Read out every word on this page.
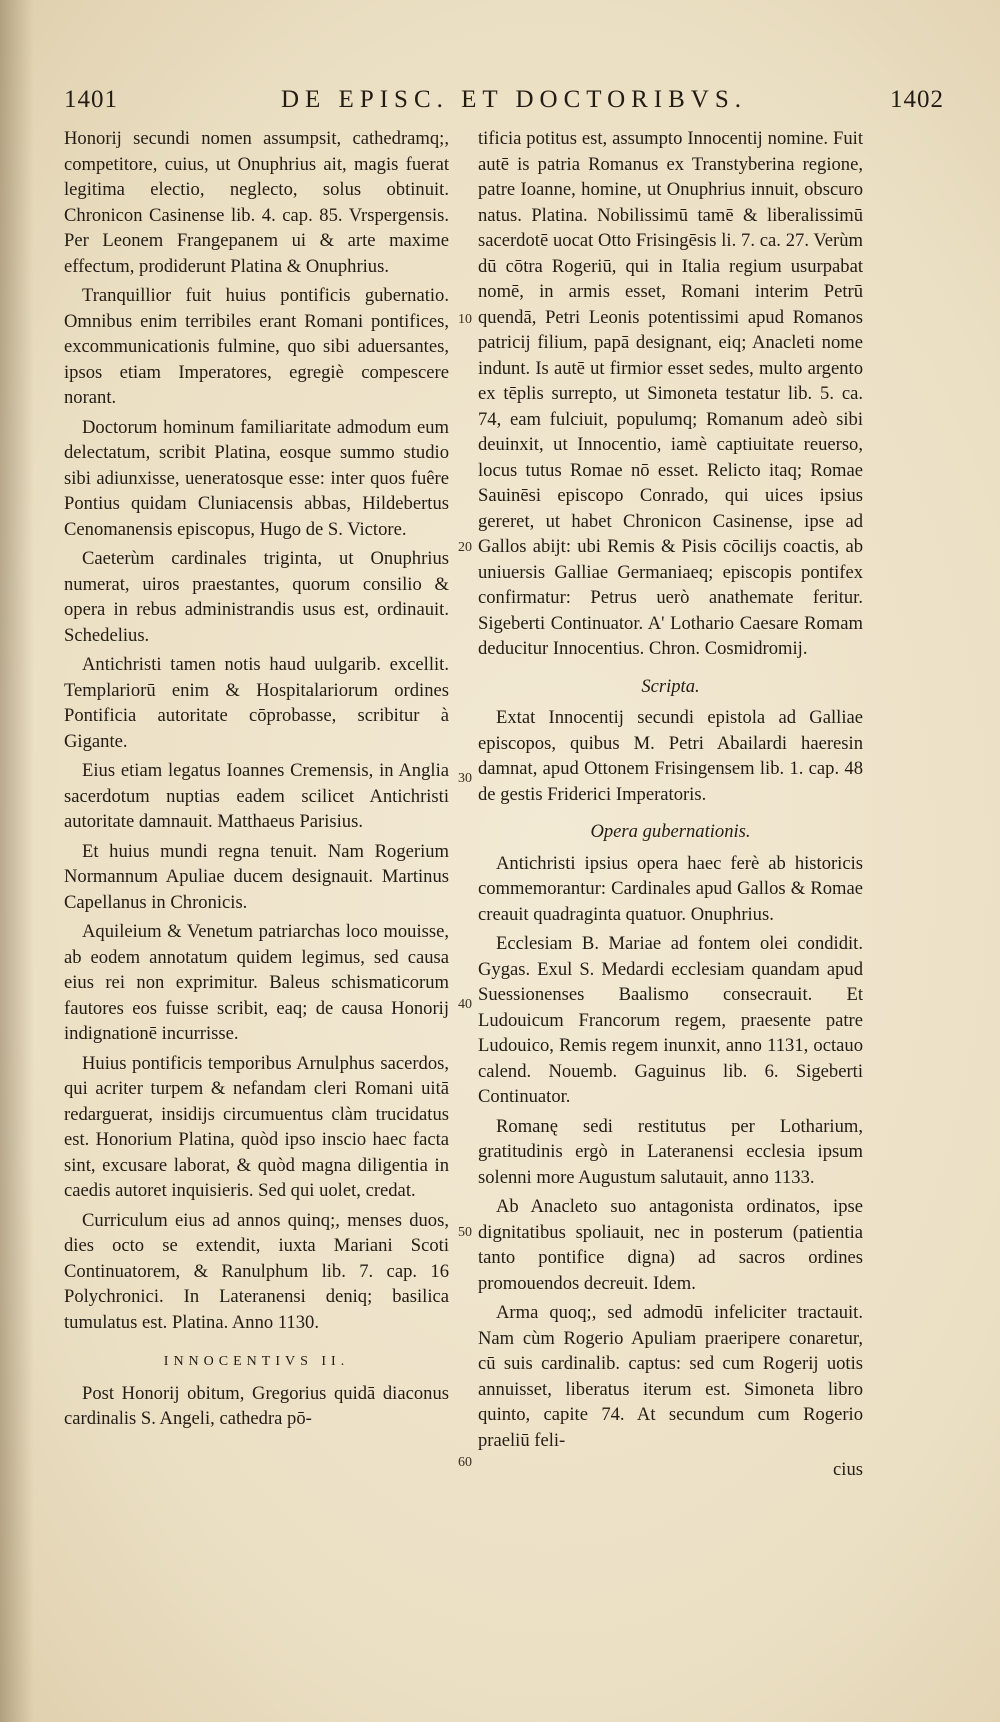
1401	DE EPISC. ET DOCTORIBVS.	1402

Honorij secundi nomen assumpsit, cathedramq;, competitore, cuius, ut Onuphrius ait, magis fuerat legitima electio, neglecto, solus obtinuit. Chronicon Casinense lib. 4. cap. 85. Vrspergensis. Per Leonem Frangepanem ui & arte maxime effectum, prodiderunt Platina & Onuphrius.

Tranquillior fuit huius pontificis gubernatio. Omnibus enim terribiles erant Romani pontifices, excommunicationis fulmine, quo sibi aduersantes, ipsos etiam Imperatores, egregiè compescere norant.

Doctorum hominum familiaritate admodum eum delectatum, scribit Platina, eosque summo studio sibi adiunxisse, ueneratosque esse: inter quos fuêre Pontius quidam Cluniacensis abbas, Hildebertus Cenomanensis episcopus, Hugo de S. Victore.

Caeterùm cardinales triginta, ut Onuphrius numerat, uiros praestantes, quorum consilio & opera in rebus administrandis usus est, ordinauit. Schedelius.

Antichristi tamen notis haud uulgarib. excellit. Templariorū enim & Hospitalariorum ordines Pontificia autoritate cōprobasse, scribitur à Gigante.

Eius etiam legatus Ioannes Cremensis, in Anglia sacerdotum nuptias eadem scilicet Antichristi autoritate damnauit. Matthaeus Parisius.

Et huius mundi regna tenuit. Nam Rogerium Normannum Apuliae ducem designauit. Martinus Capellanus in Chronicis.

Aquileium & Venetum patriarchas loco mouisse, ab eodem annotatum quidem legimus, sed causa eius rei non exprimitur. Baleus schismaticorum fautores eos fuisse scribit, eaq; de causa Honorij indignationē incurrisse.

Huius pontificis temporibus Arnulphus sacerdos, qui acriter turpem & nefandam cleri Romani uitā redarguerat, insidijs circumuentus clàm trucidatus est. Honorium Platina, quòd ipso inscio haec facta sint, excusare laborat, & quòd magna diligentia in caedis autoret inquisieris. Sed qui uolet, credat.

Curriculum eius ad annos quinq;, menses duos, dies octo se extendit, iuxta Mariani Scoti Continuatorem, & Ranulphum lib. 7. cap. 16 Polychronici. In Lateranensi deniq; basilica tumulatus est. Platina. Anno 1130.

INNOCENTIVS II.

Post Honorij obitum, Gregorius quidā diaconus cardinalis S. Angeli, cathedra pō-

tificia potitus est, assumpto Innocentij nomine. Fuit autē is patria Romanus ex Transtyberina regione, patre Ioanne, homine, ut Onuphrius innuit, obscuro natus. Platina. Nobilissimū tamē & liberalissimū sacerdotē uocat Otto Frisingēsis li. 7. ca. 27. Verùm dū cōtra Rogeriū, qui in Italia regium usurpabat nomē, in armis esset, Romani interim Petrū quendā, Petri Leonis potentissimi apud Romanos patricij filium, papā designant, eiq; Anacleti nome indunt. Is autē ut firmior esset sedes, multo argento ex tēplis surrepto, ut Simoneta testatur lib. 5. ca. 74, eam fulciuit, populumq; Romanum adeò sibi deuinxit, ut Innocentio, iamè captiuitate reuerso, locus tutus Romae nō esset. Relicto itaq; Romae Sauinēsi episcopo Conrado, qui uices ipsius gereret, ut habet Chronicon Casinense, ipse ad Gallos abijt: ubi Remis & Pisis cōcilijs coactis, ab uniuersis Galliae Germaniaeq; episcopis pontifex confirmatur: Petrus uerò anathemate feritur. Sigeberti Continuator. A' Lothario Caesare Romam deducitur Innocentius. Chron. Cosmidromij.

Scripta.

Extat Innocentij secundi epistola ad Galliae episcopos, quibus M. Petri Abailardi haeresin damnat, apud Ottonem Frisingensem lib. 1. cap. 48 de gestis Friderici Imperatoris.

Opera gubernationis.

Antichristi ipsius opera haec ferè ab historicis commemorantur: Cardinales apud Gallos & Romae creauit quadraginta quatuor. Onuphrius.

Ecclesiam B. Mariae ad fontem olei condidit. Gygas. Exul S. Medardi ecclesiam quandam apud Suessionenses Baalismo consecrauit. Et Ludouicum Francorum regem, praesente patre Ludouico, Remis regem inunxit, anno 1131, octauo calend. Nouemb. Gaguinus lib. 6. Sigeberti Continuator.

Romanę sedi restitutus per Lotharium, gratitudinis ergò in Lateranensi ecclesia ipsum solenni more Augustum salutauit, anno 1133.

Ab Anacleto suo antagonista ordinatos, ipse dignitatibus spoliauit, nec in posterum (patientia tanto pontifice digna) ad sacros ordines promouendos decreuit. Idem.

Arma quoq;, sed admodū infeliciter tractauit. Nam cùm Rogerio Apuliam praeripere conaretur, cū suis cardinalib. captus: sed cum Rogerij uotis annuisset, liberatus iterum est. Simoneta libro quinto, capite 74. At secundum cum Rogerio praeliū feli-

cius
10
20
30
40
50
60
